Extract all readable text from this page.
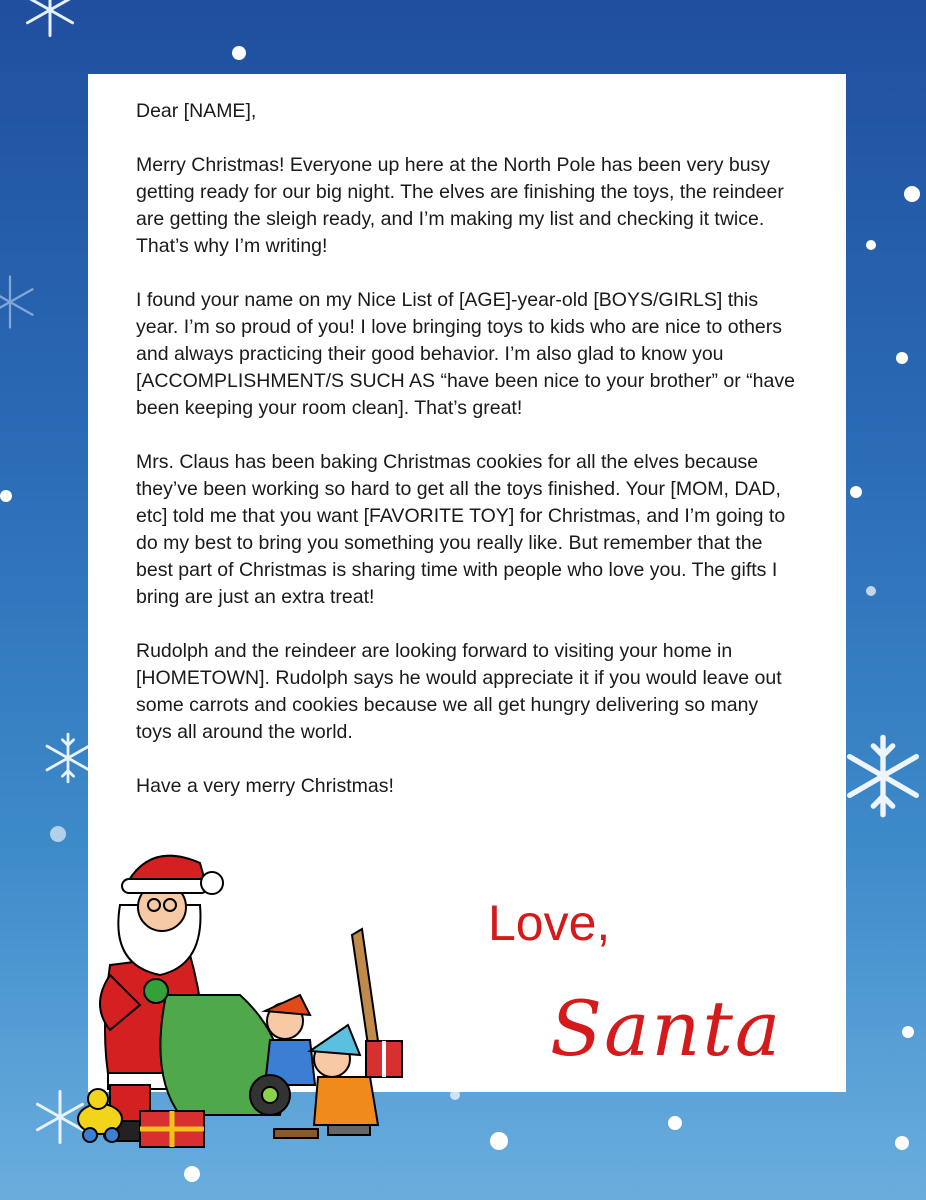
Dear [NAME],

Merry Christmas! Everyone up here at the North Pole has been very busy getting ready for our big night. The elves are finishing the toys, the reindeer are getting the sleigh ready, and I’m making my list and checking it twice. That’s why I’m writing!

I found your name on my Nice List of [AGE]-year-old [BOYS/GIRLS] this year. I’m so proud of you! I love bringing toys to kids who are nice to others and always practicing their good behavior. I’m also glad to know you [ACCOMPLISHMENT/S SUCH AS “have been nice to your brother” or “have been keeping your room clean]. That’s great!

Mrs. Claus has been baking Christmas cookies for all the elves because they’ve been working so hard to get all the toys finished. Your [MOM, DAD, etc] told me that you want [FAVORITE TOY] for Christmas, and I’m going to do my best to bring you something you really like. But remember that the best part of Christmas is sharing time with people who love you. The gifts I bring are just an extra treat!

Rudolph and the reindeer are looking forward to visiting your home in [HOMETOWN]. Rudolph says he would appreciate it if you would leave out some carrots and cookies because we all get hungry delivering so many toys all around the world.

Have a very merry Christmas!

Love,
Santa
